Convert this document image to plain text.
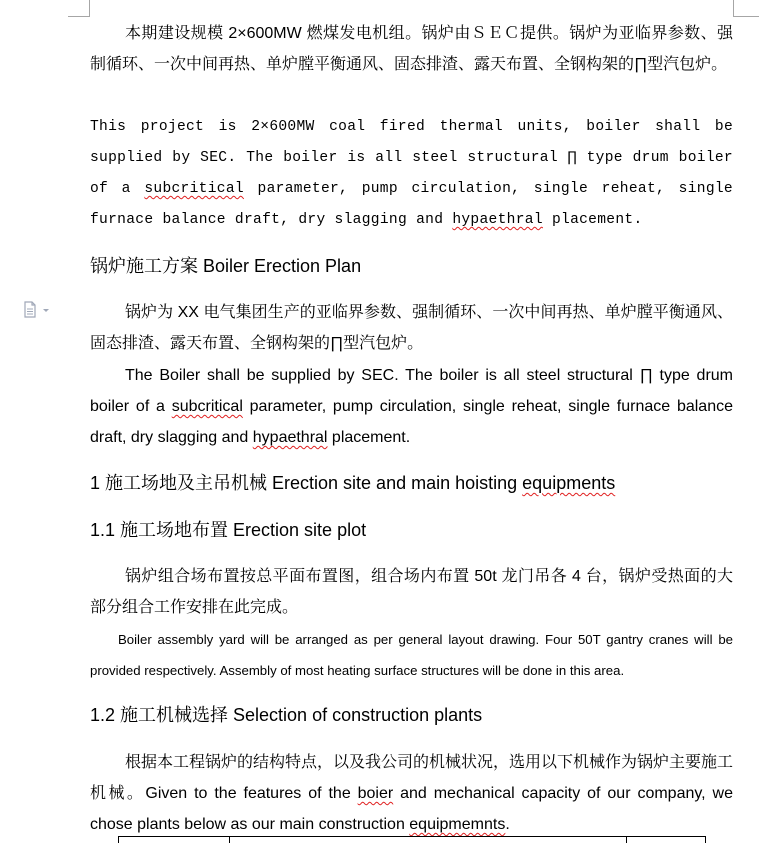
本期建设规模 2×600MW 燃煤发电机组。锅炉由ＳＥＣ提供。锅炉为亚临界参数、强制循环、一次中间再热、单炉膛平衡通风、固态排渣、露天布置、全钢构架的∏型汽包炉。

This project is 2×600MW coal fired thermal units, boiler shall be supplied by SEC. The boiler is all steel structural ∏ type drum boiler of a subcritical parameter, pump circulation, single reheat, single furnace balance draft, dry slagging and hypaethral placement.

锅炉施工方案 Boiler Erection Plan

锅炉为 XX 电气集团生产的亚临界参数、强制循环、一次中间再热、单炉膛平衡通风、固态排渣、露天布置、全钢构架的∏型汽包炉。

The Boiler shall be supplied by SEC. The boiler is all steel structural ∏ type drum boiler of a subcritical parameter, pump circulation, single reheat, single furnace balance draft, dry slagging and hypaethral placement.

1 施工场地及主吊机械 Erection site and main hoisting equipments
1.1 施工场地布置 Erection site plot

锅炉组合场布置按总平面布置图，组合场内布置 50t 龙门吊各 4 台，锅炉受热面的大部分组合工作安排在此完成。

Boiler assembly yard will be arranged as per general layout drawing. Four 50T gantry cranes will be provided respectively. Assembly of most heating surface structures will be done in this area.

1.2 施工机械选择 Selection of construction plants

根据本工程锅炉的结构特点，以及我公司的机械状况，选用以下机械作为锅炉主要施工机械。Given to the features of the boier and mechanical capacity of our company, we chose plants below as our main construction equipmemnts.
